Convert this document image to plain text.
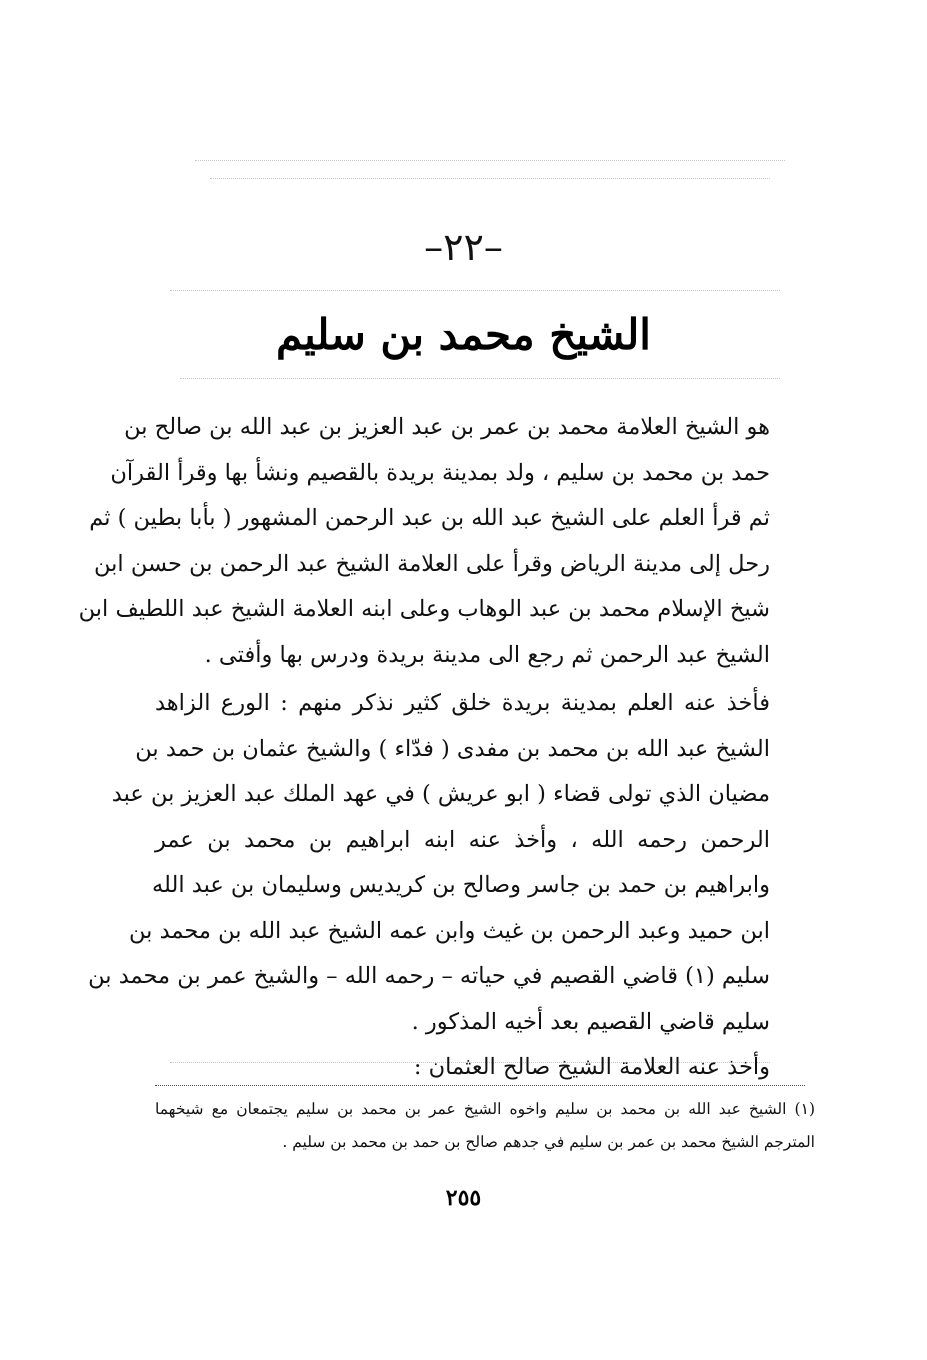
–٢٢–
الشيخ محمد بن سليم
هو الشيخ العلامة محمد بن عمر بن عبد العزيز بن عبد الله بن صالح بن
حمد بن محمد بن سليم ، ولد بمدينة بريدة بالقصيم ونشأ بها وقرأ القرآن
ثم قرأ العلم على الشيخ عبد الله بن عبد الرحمن المشهور ( بأبا بطين ) ثم
رحل إلى مدينة الرياض وقرأ على العلامة الشيخ عبد الرحمن بن حسن ابن
شيخ الإسلام محمد بن عبد الوهاب وعلى ابنه العلامة الشيخ عبد اللطيف ابن
الشيخ عبد الرحمن ثم رجع الى مدينة بريدة ودرس بها وأفتى .
فأخذ عنه العلم بمدينة بريدة خلق كثير نذكر منهم : الورع الزاهد
الشيخ عبد الله بن محمد بن مفدى ( فدّاء ) والشيخ عثمان بن حمد بن
مضيان الذي تولى قضاء ( ابو عريش ) في عهد الملك عبد العزيز بن عبد
الرحمن رحمه الله ، وأخذ عنه ابنه ابراهيم بن محمد بن عمر
وابراهيم بن حمد بن جاسر وصالح بن كريديس وسليمان بن عبد الله
ابن حميد وعبد الرحمن بن غيث وابن عمه الشيخ عبد الله بن محمد بن
سليم (١) قاضي القصيم في حياته – رحمه الله – والشيخ عمر بن محمد بن
سليم قاضي القصيم بعد أخيه المذكور .
وأخذ عنه العلامة الشيخ صالح العثمان :
(١) الشيخ عبد الله بن محمد بن سليم واخوه الشيخ عمر بن محمد بن سليم يجتمعان مع شيخهما
المترجم الشيخ محمد بن عمر بن سليم في جدهم صالح بن حمد بن محمد بن سليم .
٢٥٥
